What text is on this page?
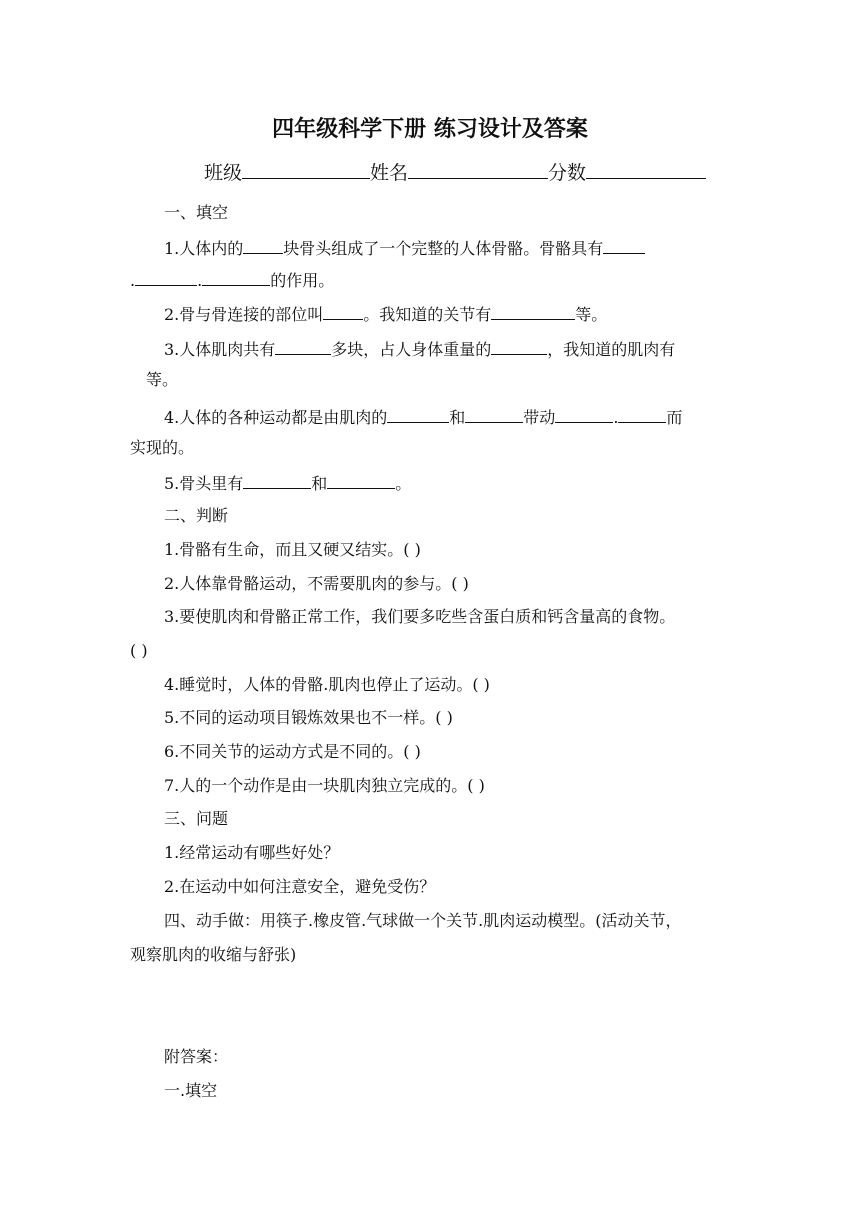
四年级科学下册 练习设计及答案
班级	姓名	分数
一、填空
1.人体内的	块骨头组成了一个完整的人体骨骼。骨骼具有
.	.	的作用。
2.骨与骨连接的部位叫	。我知道的关节有	等。
3.人体肌肉共有	多块，占人身体重量的	，我知道的肌肉有
等。
4.人体的各种运动都是由肌肉的	和	带动	.	而
实现的。
5.骨头里有	和	。
二、判断
1.骨骼有生命，而且又硬又结实。( )
2.人体靠骨骼运动，不需要肌肉的参与。( )
3.要使肌肉和骨骼正常工作，我们要多吃些含蛋白质和钙含量高的食物。
( )
4.睡觉时，人体的骨骼.肌肉也停止了运动。( )
5.不同的运动项目锻炼效果也不一样。( )
6.不同关节的运动方式是不同的。( )
7.人的一个动作是由一块肌肉独立完成的。( )
三、问题
1.经常运动有哪些好处？
2.在运动中如何注意安全，避免受伤？
四、动手做：用筷子.橡皮管.气球做一个关节.肌肉运动模型。(活动关节，
观察肌肉的收缩与舒张)
附答案：
一.填空
